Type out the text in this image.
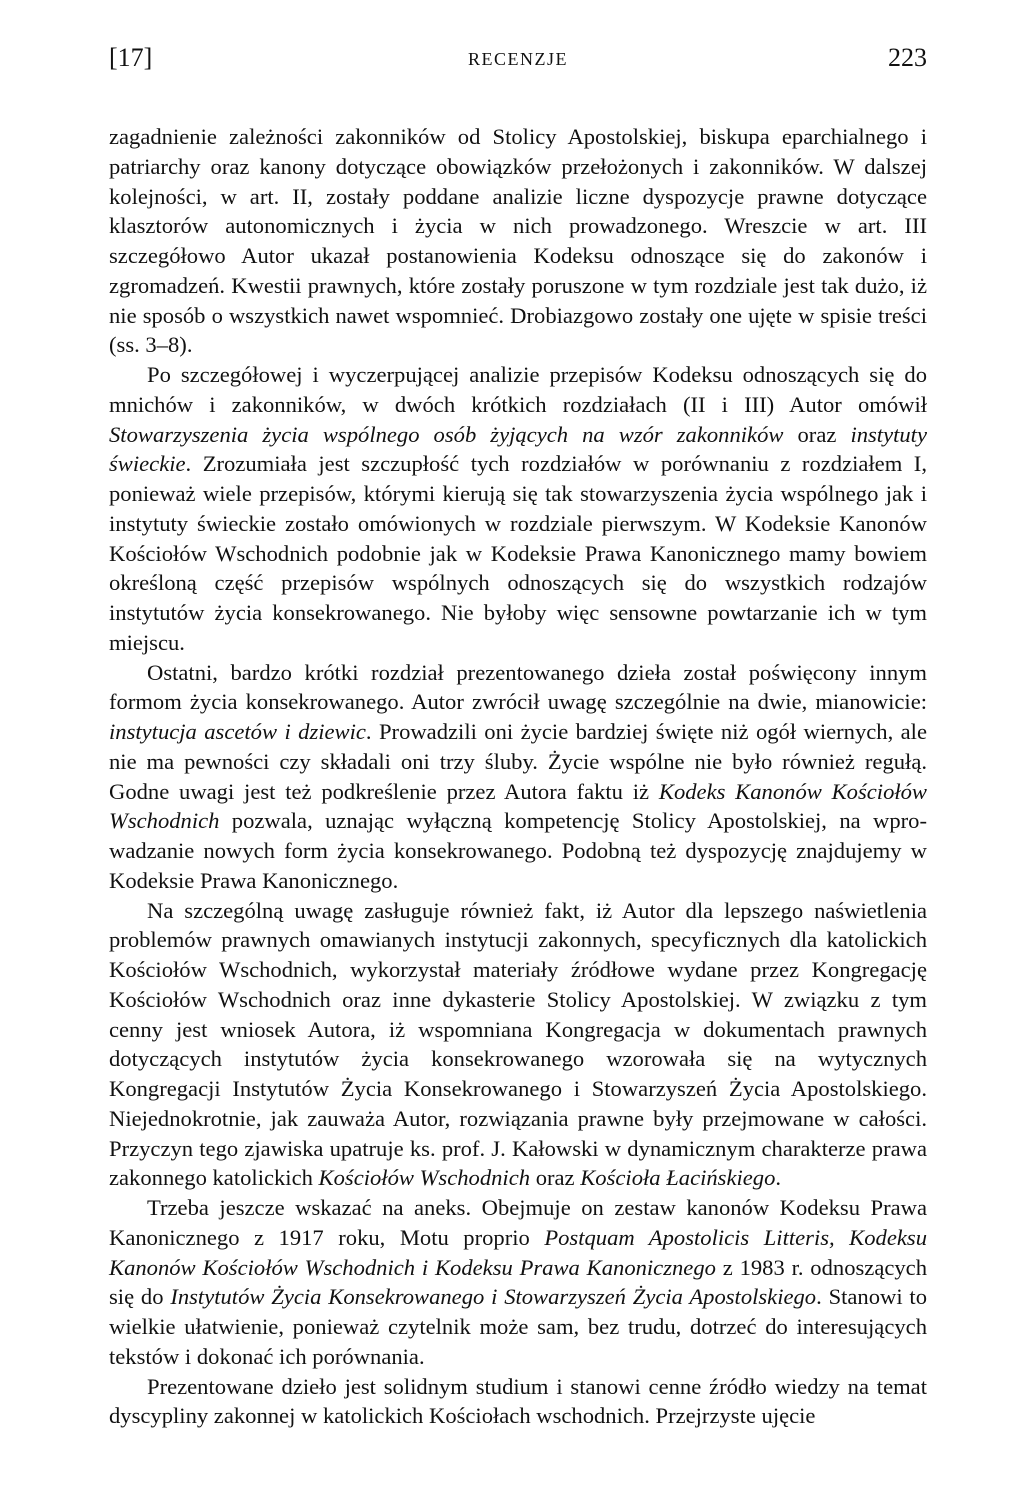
[17]	RECENZJE	223

zagadnienie zależności zakonników od Stolicy Apostolskiej, biskupa eparchialnego i patriarchy oraz kanony dotyczące obowiązków przełożonych i zakonników. W dalszej kolejności, w art. II, zostały poddane analizie liczne dyspozycje prawne dotyczące klasztorów autonomicznych i życia w nich prowadzonego. Wreszcie w art. III szczegółowo Autor ukazał postanowienia Kodeksu odnoszące się do zakonów i zgromadzeń. Kwestii prawnych, które zostały poruszone w tym rozdziale jest tak dużo, iż nie sposób o wszystkich nawet wspomnieć. Drobiazgowo zostały one ujęte w spisie treści (ss. 3–8).

Po szczegółowej i wyczerpującej analizie przepisów Kodeksu odnoszących się do mnichów i zakonników, w dwóch krótkich rozdziałach (II i III) Autor omówił Stowarzyszenia życia wspólnego osób żyjących na wzór zakonników oraz instytuty świeckie. Zrozumiała jest szczupłość tych rozdziałów w porównaniu z rozdziałem I, ponieważ wiele przepisów, którymi kierują się tak stowarzyszenia życia wspólnego jak i instytuty świeckie zostało omówionych w rozdziale pierwszym. W Kodeksie Kanonów Kościołów Wschodnich podobnie jak w Kodeksie Prawa Kanonicznego mamy bowiem określoną część przepisów wspólnych odnoszących się do wszystkich rodzajów instytutów życia konsekrowanego. Nie byłoby więc sensowne powtarzanie ich w tym miejscu.

Ostatni, bardzo krótki rozdział prezentowanego dzieła został poświęcony innym formom życia konsekrowanego. Autor zwrócił uwagę szczególnie na dwie, mianowicie: instytucja ascetów i dziewic. Prowadzili oni życie bardziej święte niż ogół wiernych, ale nie ma pewności czy składali oni trzy śluby. Życie wspólne nie było również regułą. Godne uwagi jest też podkreślenie przez Autora faktu iż Kodeks Kanonów Kościołów Wschodnich pozwala, uznając wyłączną kompetencję Stolicy Apostolskiej, na wprowadzanie nowych form życia konsekrowanego. Podobną też dyspozycję znajdujemy w Kodeksie Prawa Kanonicznego.

Na szczególną uwagę zasługuje również fakt, iż Autor dla lepszego naświetlenia problemów prawnych omawianych instytucji zakonnych, specyficznych dla katolickich Kościołów Wschodnich, wykorzystał materiały źródłowe wydane przez Kongregację Kościołów Wschodnich oraz inne dykasterie Stolicy Apostolskiej. W związku z tym cenny jest wniosek Autora, iż wspomniana Kongregacja w dokumentach prawnych dotyczących instytutów życia konsekrowanego wzorowała się na wytycznych Kongregacji Instytutów Życia Konsekrowanego i Stowarzyszeń Życia Apostolskiego. Niejednokrotnie, jak zauważa Autor, rozwiązania prawne były przejmowane w całości. Przyczyn tego zjawiska upatruje ks. prof. J. Kałowski w dynamicznym charakterze prawa zakonnego katolickich Kościołów Wschodnich oraz Kościoła Łacińskiego.

Trzeba jeszcze wskazać na aneks. Obejmuje on zestaw kanonów Kodeksu Prawa Kanonicznego z 1917 roku, Motu proprio Postquam Apostolicis Litteris, Kodeksu Kanonów Kościołów Wschodnich i Kodeksu Prawa Kanonicznego z 1983 r. odnoszących się do Instytutów Życia Konsekrowanego i Stowarzyszeń Życia Apostolskiego. Stanowi to wielkie ułatwienie, ponieważ czytelnik może sam, bez trudu, dotrzeć do interesujących tekstów i dokonać ich porównania.

Prezentowane dzieło jest solidnym studium i stanowi cenne źródło wiedzy na temat dyscypliny zakonnej w katolickich Kościołach wschodnich. Przejrzyste ujęcie
